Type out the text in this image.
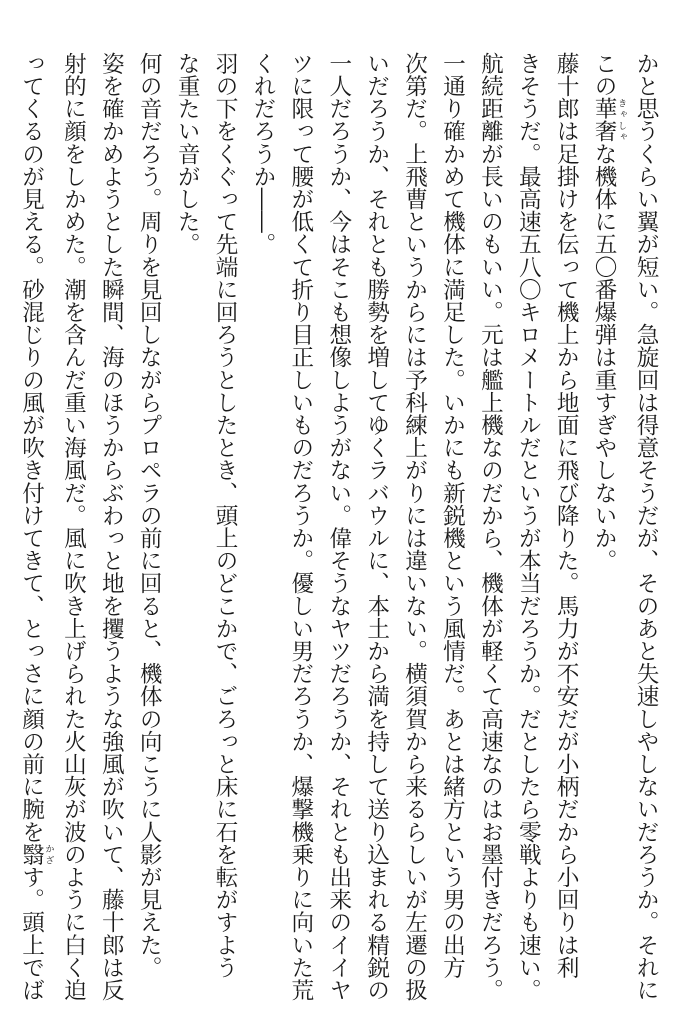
かと思うくらい翼が短い。急旋回は得意そうだが、そのあと失速しやしないだろうか。それに

この華奢 きゃしゃな機体に五〇番爆弾は重すぎやしないか。

藤十郎は足掛けを伝って機上から地面に飛び降りた。馬力が不安だが小柄だから小回りは利

きそうだ。最高速五八〇キロメートルだというが本当だろうか。だとしたら零戦よりも速い。

航続距離が長いのもいい。元は艦上機なのだから、機体が軽くて高速なのはお墨付きだろう。

一通り確かめて機体に満足した。いかにも新鋭機という風情だ。あとは緒方という男の出方

次第だ。上飛曹というからには予科練上がりには違いない。横須賀から来るらしいが左遷の扱

いだろうか、それとも勝勢を増してゆくラバウルに、本土から満を持して送り込まれる精鋭の

一人だろうか、今はそこも想像しようがない。偉そうなヤツだろうか、それとも出来のイイヤ

ツに限って腰が低くて折り目正しいものだろうか。優しい男だろうか、爆撃機乗りに向いた荒

くれだろうか――。

羽の下をくぐって先端に回ろうとしたとき、頭上のどこかで、ごろっと床に石を転がすよう

な重たい音がした。

何の音だろう。周りを見回しながらプロペラの前に回ると、機体の向こうに人影が見えた。

姿を確かめようとした瞬間、海のほうからぶわっと地を攫うような強風が吹いて、藤十郎は反

射的に顔をしかめた。潮を含んだ重い海風だ。風に吹き上げられた火山灰が波のように白く迫

ってくるのが見える。砂混じりの風が吹き付けてきて、とっさに顔の前に腕を翳 かざす。頭上でば
